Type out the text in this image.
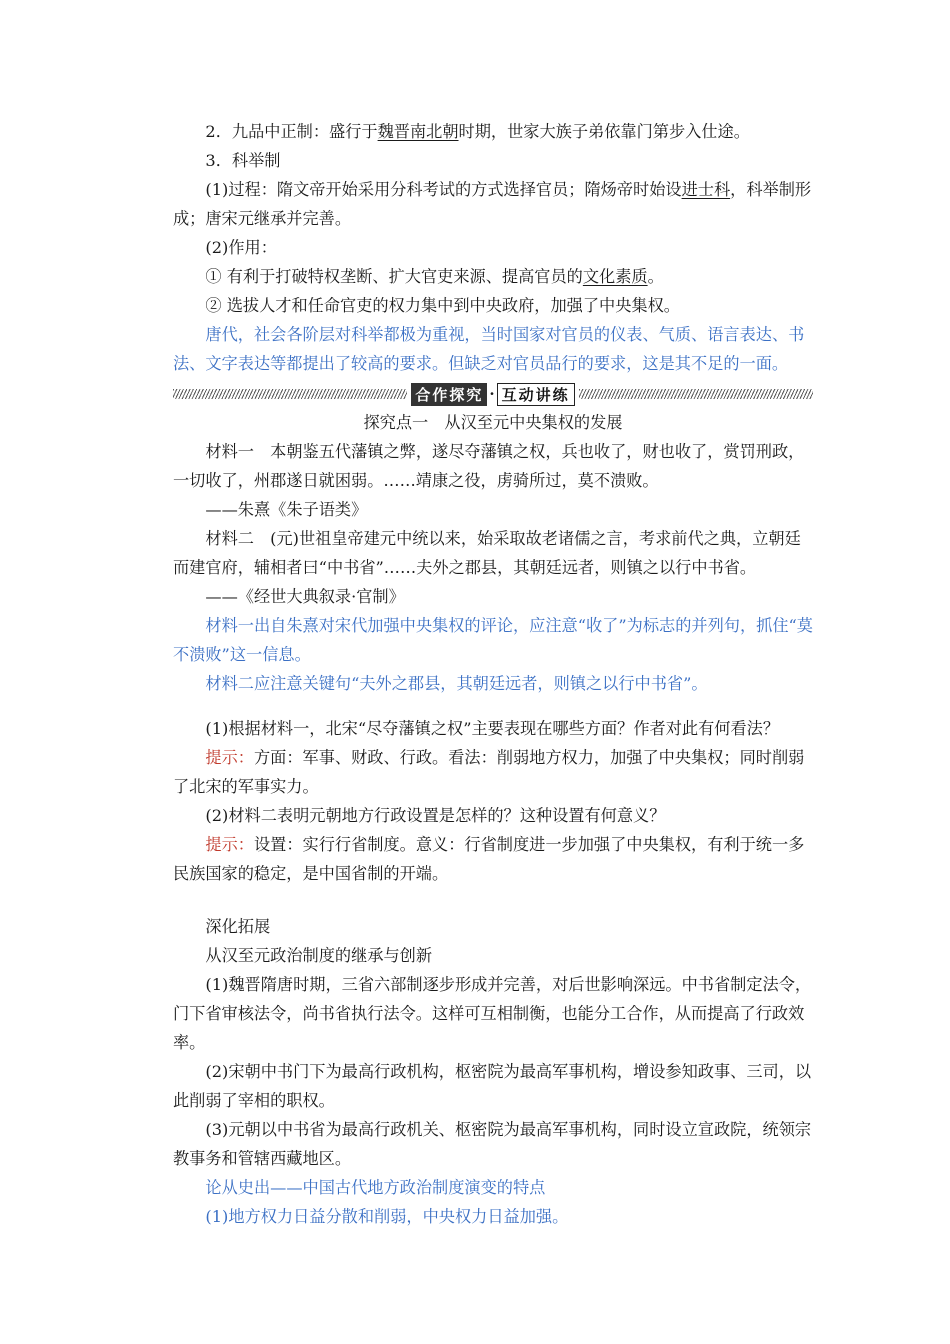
2．九品中正制：盛行于魏晋南北朝时期，世家大族子弟依靠门第步入仕途。

3．科举制

(1)过程：隋文帝开始采用分科考试的方式选择官员；隋炀帝时始设进士科，科举制形成；唐宋元继承并完善。

(2)作用：

① 有利于打破特权垄断、扩大官吏来源、提高官员的文化素质。

② 选拔人才和任命官吏的权力集中到中央政府，加强了中央集权。

唐代，社会各阶层对科举都极为重视，当时国家对官员的仪表、气质、语言表达、书法、文字表达等都提出了较高的要求。但缺乏对官员品行的要求，这是其不足的一面。

合作探究 · 互动讲练

探究点一　从汉至元中央集权的发展

材料一　本朝鉴五代藩镇之弊，遂尽夺藩镇之权，兵也收了，财也收了，赏罚刑政，一切收了，州郡遂日就困弱。……靖康之役，虏骑所过，莫不溃败。

——朱熹《朱子语类》

材料二　(元)世祖皇帝建元中统以来，始采取故老诸儒之言，考求前代之典，立朝廷而建官府，辅相者曰“中书省”……夫外之郡县，其朝廷远者，则镇之以行中书省。

——《经世大典叙录·官制》

材料一出自朱熹对宋代加强中央集权的评论，应注意“收了”为标志的并列句，抓住“莫不溃败”这一信息。

材料二应注意关键句“夫外之郡县，其朝廷远者，则镇之以行中书省”。

(1)根据材料一，北宋“尽夺藩镇之权”主要表现在哪些方面？作者对此有何看法？

提示：方面：军事、财政、行政。看法：削弱地方权力，加强了中央集权；同时削弱了北宋的军事实力。

(2)材料二表明元朝地方行政设置是怎样的？这种设置有何意义？

提示：设置：实行行省制度。意义：行省制度进一步加强了中央集权，有利于统一多民族国家的稳定，是中国省制的开端。

深化拓展

从汉至元政治制度的继承与创新

(1)魏晋隋唐时期，三省六部制逐步形成并完善，对后世影响深远。中书省制定法令，门下省审核法令，尚书省执行法令。这样可互相制衡，也能分工合作，从而提高了行政效率。

(2)宋朝中书门下为最高行政机构，枢密院为最高军事机构，增设参知政事、三司，以此削弱了宰相的职权。

(3)元朝以中书省为最高行政机关、枢密院为最高军事机构，同时设立宣政院，统领宗教事务和管辖西藏地区。

论从史出——中国古代地方政治制度演变的特点

(1)地方权力日益分散和削弱，中央权力日益加强。
